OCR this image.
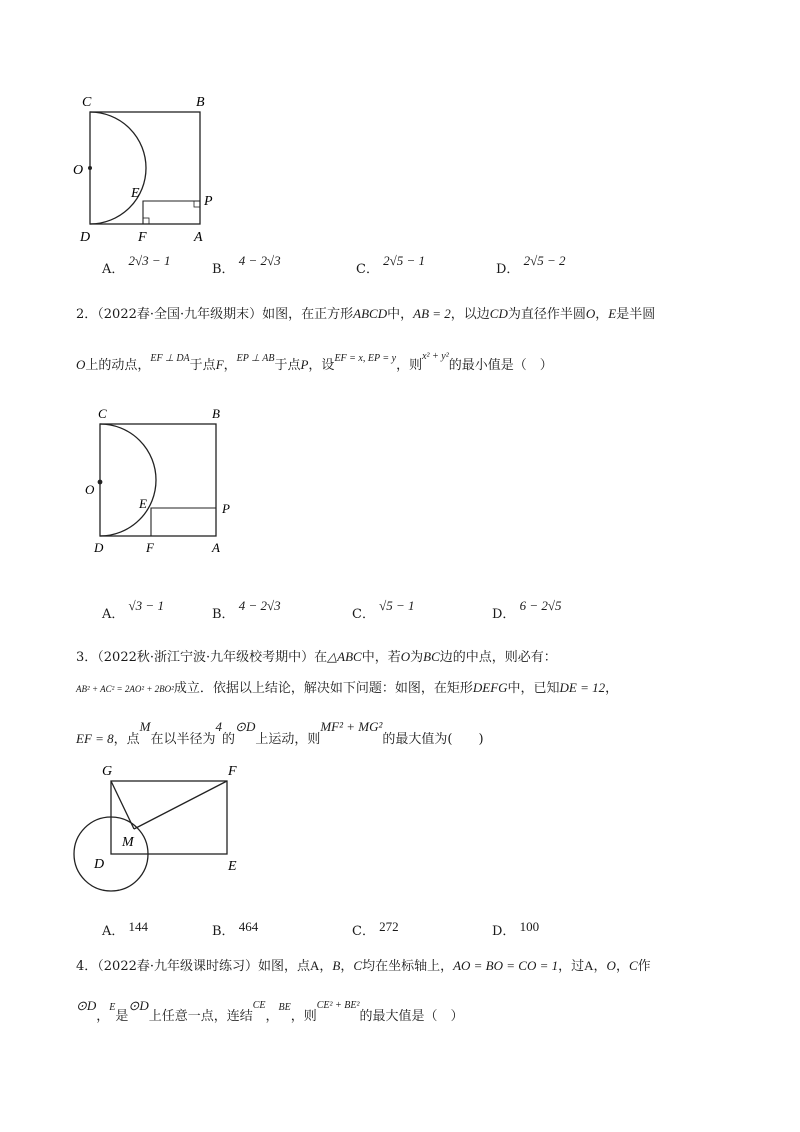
C	B
O
E
P
D	F	A
A． 2√3 − 1
B． 4 − 2√3
C． 2√5 − 1
D． 2√5 − 2
2．（2022春·全国·九年级期末）如图，在正方形ABCD中，AB = 2，以边CD为直径作半圆O，E是半圆
O上的动点，$^{EF \perp DA}$于点F，$^{EP \perp AB}$于点P，设$^{EF = x, EP = y}$，则$^{x^2 + y^2}$的最小值是（　）
C	B
O
E	P
D	F	A
A． √3 − 1
B． 4 − 2√3
C． √5 − 1
D． 6 − 2√5
3．（2022秋·浙江宁波·九年级校考期中）在△ABC中，若O为BC边的中点，则必有：
AB² + AC² = 2AO² + 2BO²成立．依据以上结论，解决如下问题：如图，在矩形DEFG中，已知DE = 12，
EF = 8，点M在以半径为4的⊙D上运动，则MF² + MG²的最大值为(　　)
G	F
M
D	E
A． 144	B． 464	C． 272	D． 100
4．（2022春·九年级课时练习）如图，点A，B，C均在坐标轴上，AO = BO = CO = 1，过A，O，C作
⊙D，$^E$是⊙D上任意一点，连结$^{CE}$，$^{BE}$，则$^{CE^2 + BE^2}$的最大值是（　）
